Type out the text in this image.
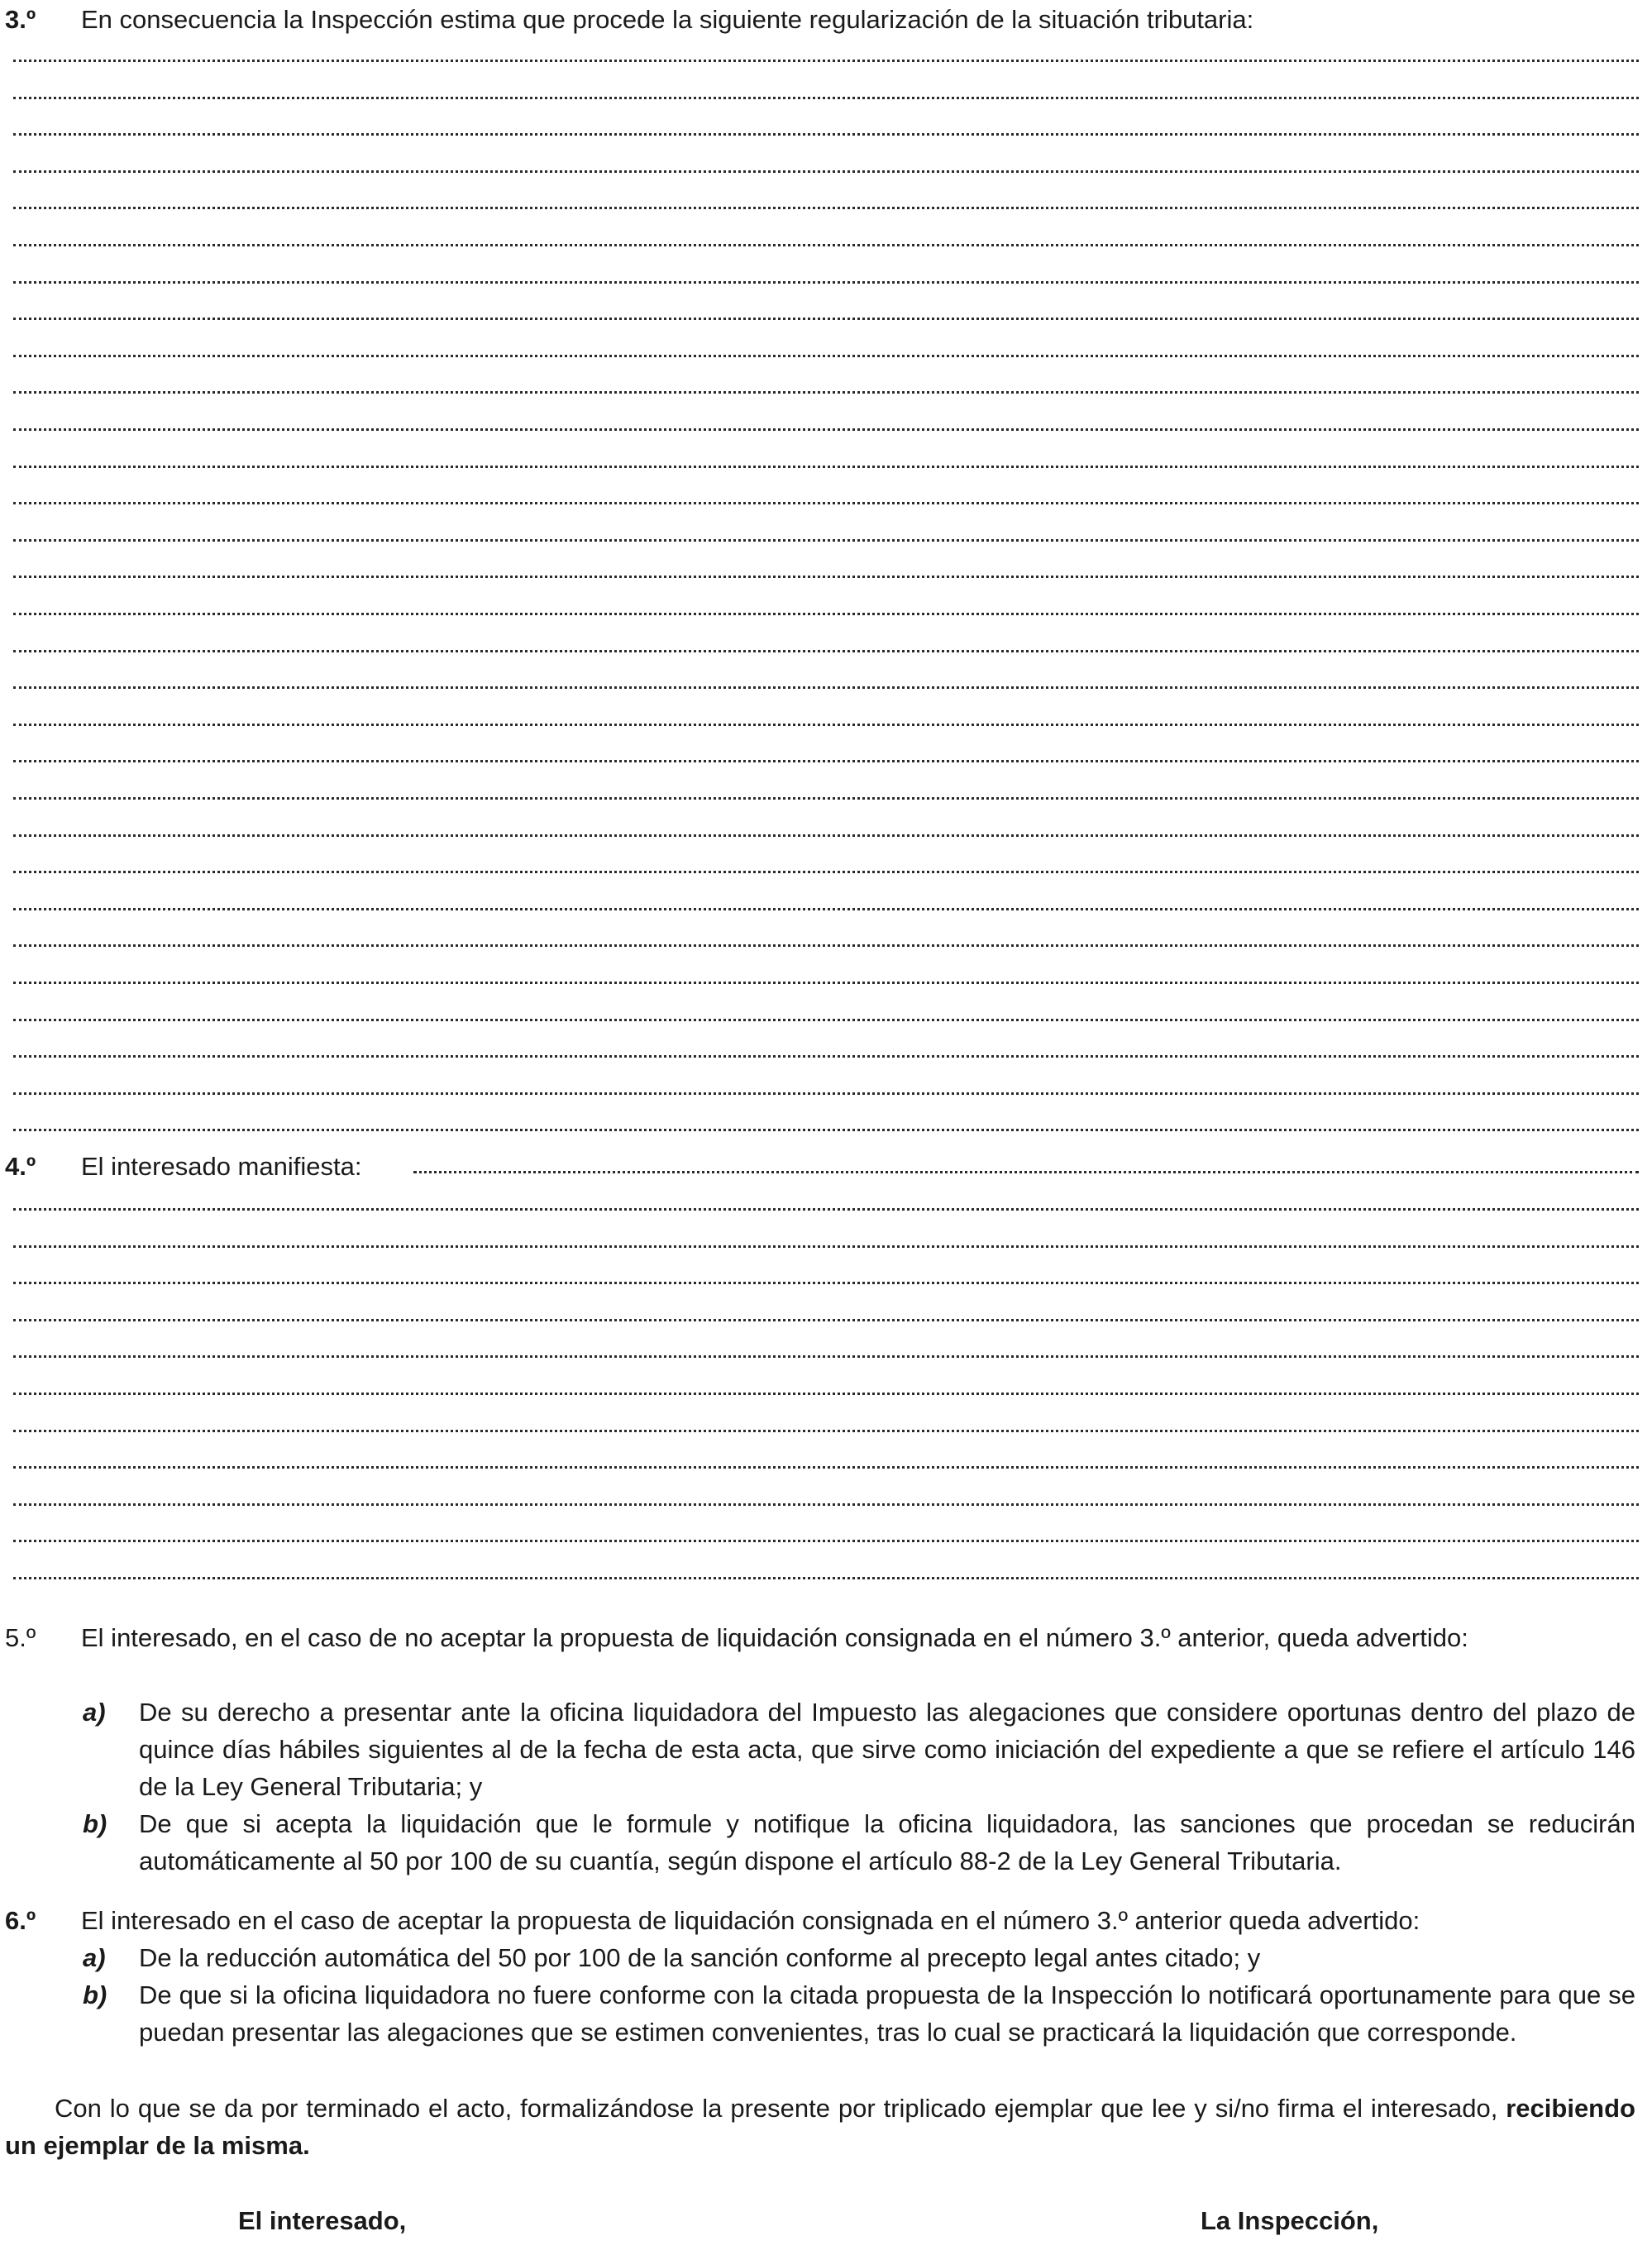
3.º En consecuencia la Inspección estima que procede la siguiente regularización de la situación tributaria:
4.º El interesado manifiesta:
5.º El interesado, en el caso de no aceptar la propuesta de liquidación consignada en el número 3.º anterior, queda advertido:
a) De su derecho a presentar ante la oficina liquidadora del Impuesto las alegaciones que considere oportunas dentro del plazo de quince días hábiles siguientes al de la fecha de esta acta, que sirve como iniciación del expediente a que se refiere el artículo 146 de la Ley General Tributaria; y
b) De que si acepta la liquidación que le formule y notifique la oficina liquidadora, las sanciones que procedan se reducirán automáticamente al 50 por 100 de su cuantía, según dispone el artículo 88-2 de la Ley General Tributaria.
6.º El interesado en el caso de aceptar la propuesta de liquidación consignada en el número 3.º anterior queda advertido:
a) De la reducción automática del 50 por 100 de la sanción conforme al precepto legal antes citado; y
b) De que si la oficina liquidadora no fuere conforme con la citada propuesta de la Inspección lo notificará oportunamente para que se puedan presentar las alegaciones que se estimen convenientes, tras lo cual se practicará la liquidación que corresponde.
Con lo que se da por terminado el acto, formalizándose la presente por triplicado ejemplar que lee y si/no firma el interesado, recibiendo un ejemplar de la misma.
El interesado,	La Inspección,
